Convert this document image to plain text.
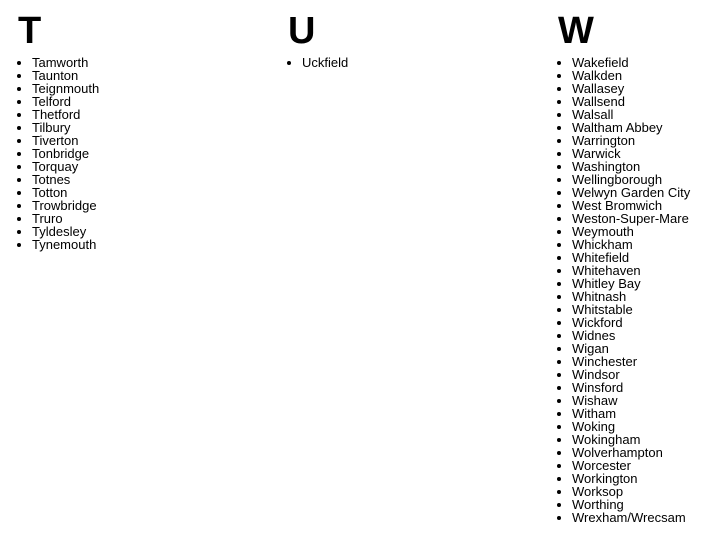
T
• Tamworth
• Taunton
• Teignmouth
• Telford
• Thetford
• Tilbury
• Tiverton
• Tonbridge
• Torquay
• Totnes
• Totton
• Trowbridge
• Truro
• Tyldesley
• Tynemouth
U
• Uckfield
W
• Wakefield
• Walkden
• Wallasey
• Wallsend
• Walsall
• Waltham Abbey
• Warrington
• Warwick
• Washington
• Wellingborough
• Welwyn Garden City
• West Bromwich
• Weston-Super-Mare
• Weymouth
• Whickham
• Whitefield
• Whitehaven
• Whitley Bay
• Whitnash
• Whitstable
• Wickford
• Widnes
• Wigan
• Winchester
• Windsor
• Winsford
• Wishaw
• Witham
• Woking
• Wokingham
• Wolverhampton
• Worcester
• Workington
• Worksop
• Worthing
• Wrexham/Wrecsam
